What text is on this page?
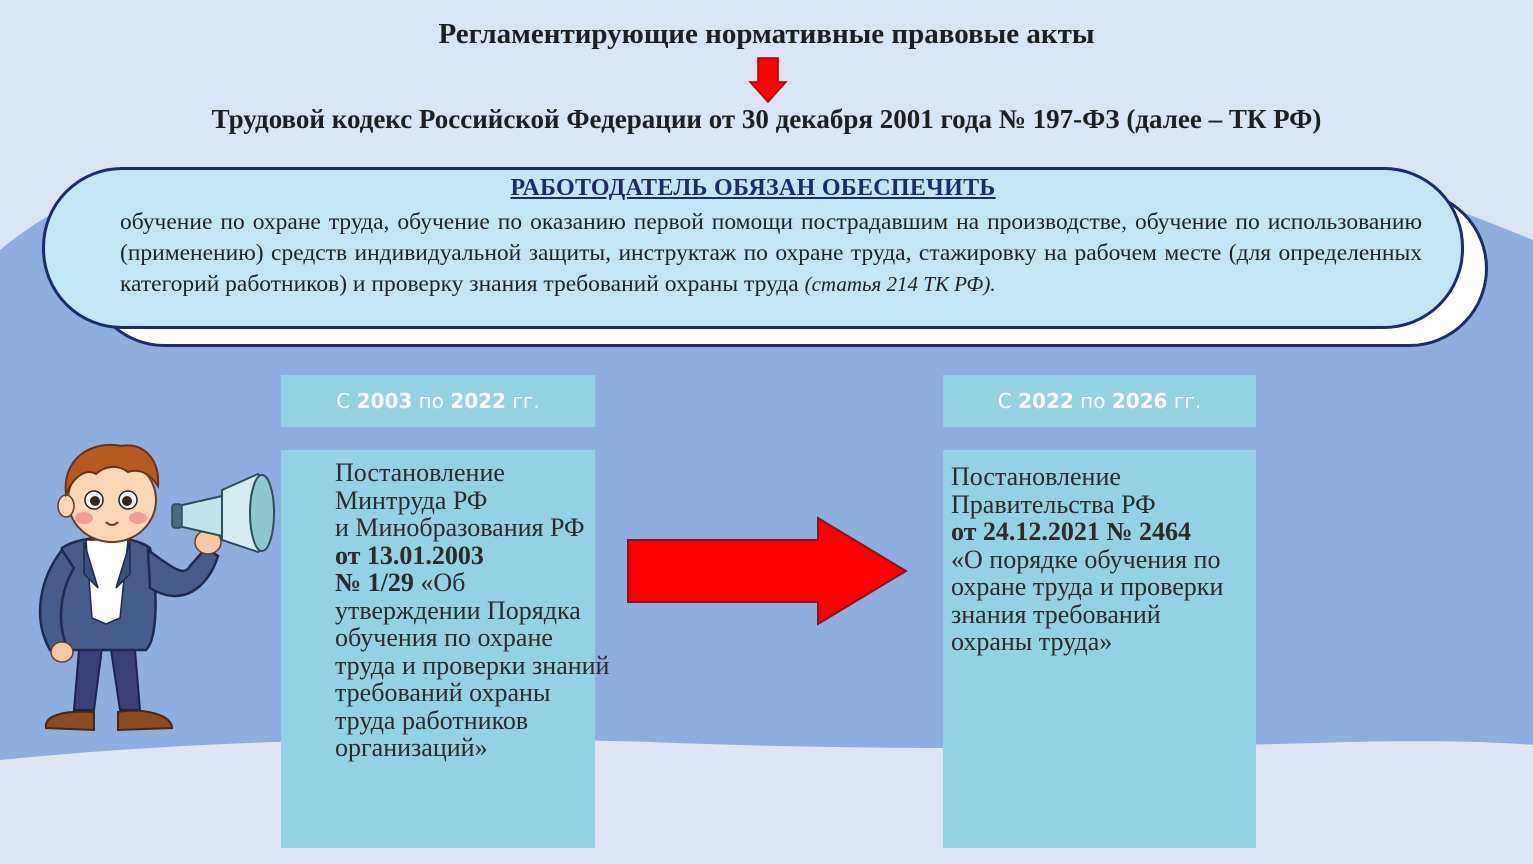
Регламентирующие нормативные правовые акты
Трудовой кодекс Российской Федерации от 30 декабря 2001 года № 197-ФЗ (далее – ТК РФ)
РАБОТОДАТЕЛЬ ОБЯЗАН ОБЕСПЕЧИТЬ
обучение по охране труда, обучение по оказанию первой помощи пострадавшим на производстве, обучение по использованию (применению) средств индивидуальной защиты, инструктаж по охране труда, стажировку на рабочем месте (для определенных категорий работников) и проверку знания требований охраны труда (статья 214 ТК РФ).
С 2003 по 2022 гг.	С 2022 по 2026 гг.
Постановление
Минтруда РФ
и Минобразования РФ
от 13.01.2003
№ 1/29 «Об утверждении Порядка обучения по охране труда и проверки знаний требований охраны труда работников организаций»
Постановление
Правительства РФ
от 24.12.2021 № 2464
«О порядке обучения по охране труда и проверки знания требований охраны труда»
